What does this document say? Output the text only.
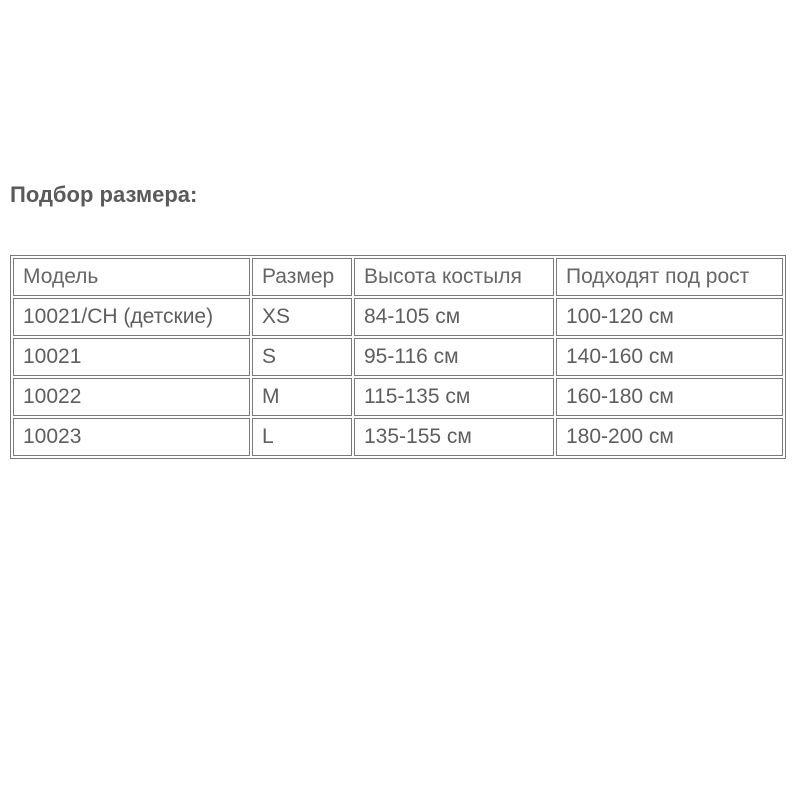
Подбор размера:
Модель	Размер	Высота костыля	Подходят под рост
10021/CH (детские)	XS	84-105 см	100-120 см
10021	S	95-116 см	140-160 см
10022	M	115-135 см	160-180 см
10023	L	135-155 см	180-200 см
